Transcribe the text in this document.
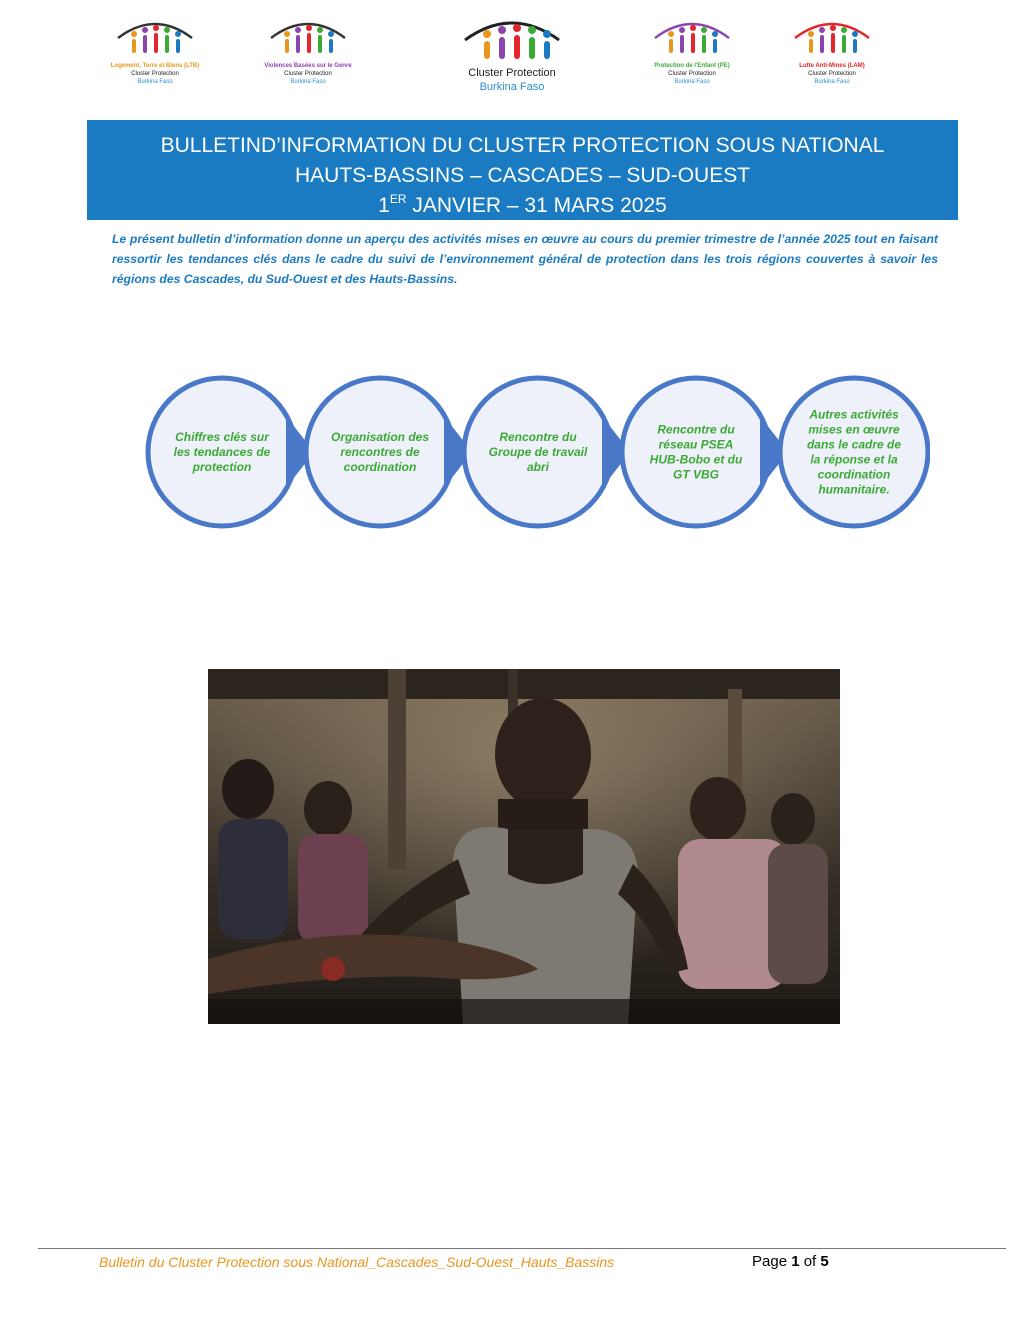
Logement, Terre et Biens (LTB)
Cluster Protection
Burkina Faso
Violences Basées sur le Genre
Cluster Protection
Burkina Faso
Cluster Protection
Burkina Faso
Protection de l'Enfant (PE)
Cluster Protection
Burkina Faso
Lutte Anti-Mines (LAM)
Cluster Protection
Burkina Faso
BULLETIND’INFORMATION DU CLUSTER PROTECTION SOUS NATIONAL
HAUTS-BASSINS – CASCADES – SUD-OUEST
1ER JANVIER – 31 MARS 2025
Le présent bulletin d’information donne un aperçu des activités mises en œuvre au cours du premier trimestre de l’année 2025 tout en faisant ressortir les tendances clés dans le cadre du suivi de l’environnement général de protection dans les trois régions couvertes à savoir les régions des Cascades, du Sud-Ouest et des Hauts-Bassins.
Chiffres clés sur
les tendances de
protection
Organisation des
rencontres de
coordination
Rencontre du
Groupe de travail
abri
Rencontre du
réseau PSEA
HUB-Bobo et du
GT VBG
Autres activités
mises en œuvre
dans le cadre de
la réponse et la
coordination
humanitaire.
Bulletin du Cluster Protection sous National_Cascades_Sud-Ouest_Hauts_Bassins	Page 1 of 5
